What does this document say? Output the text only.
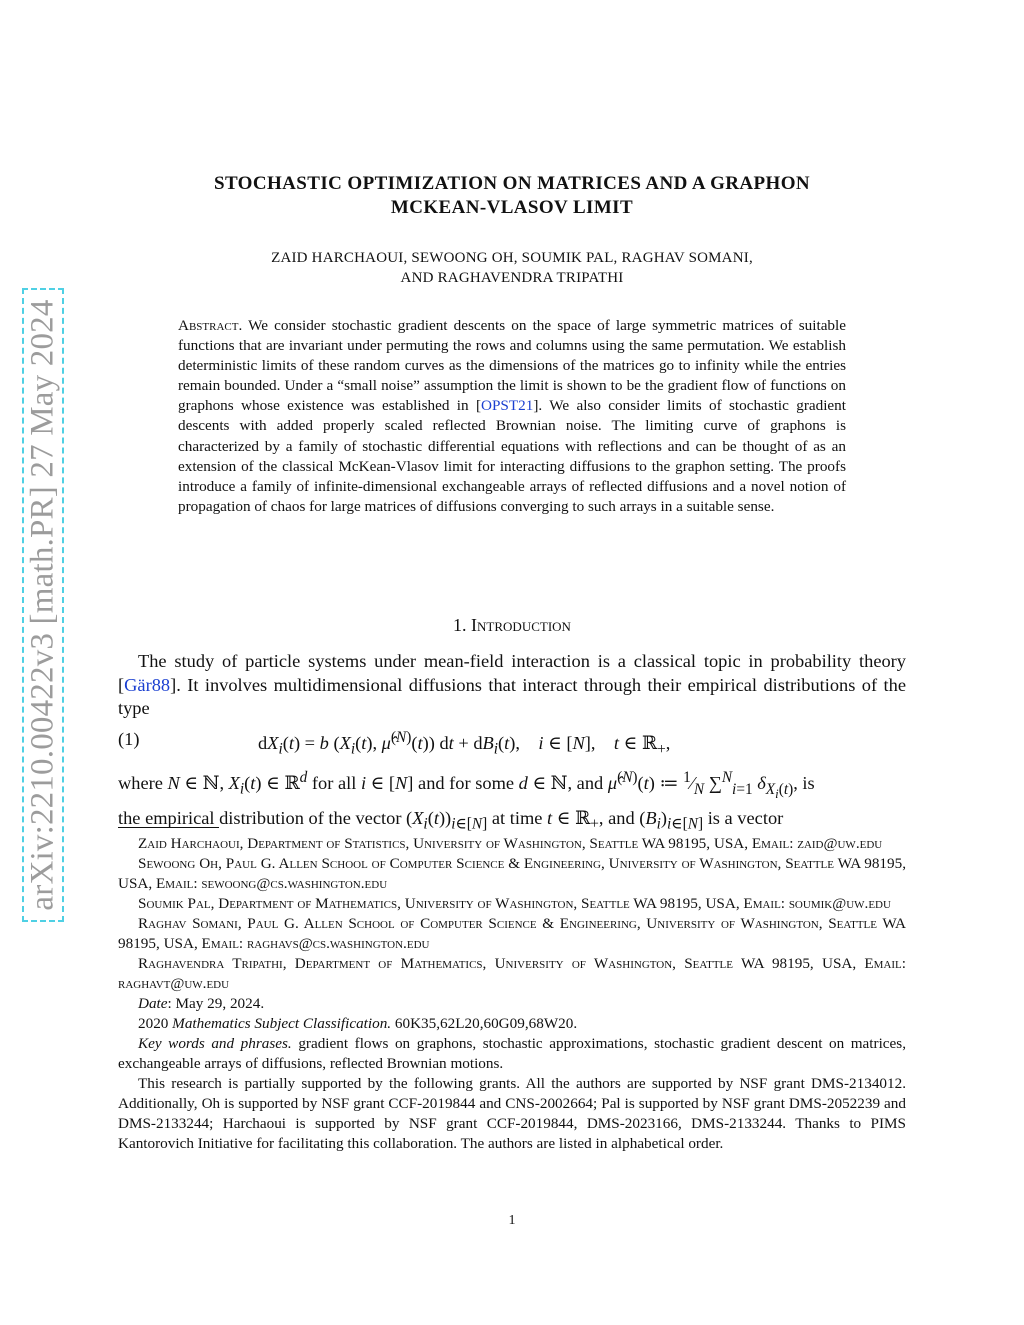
arXiv:2210.00422v3 [math.PR] 27 May 2024
STOCHASTIC OPTIMIZATION ON MATRICES AND A GRAPHON
MCKEAN-VLASOV LIMIT
ZAID HARCHAOUI, SEWOONG OH, SOUMIK PAL, RAGHAV SOMANI,
AND RAGHAVENDRA TRIPATHI
Abstract. We consider stochastic gradient descents on the space of large symmetric matrices of suitable functions that are invariant under permuting the rows and columns using the same permutation. We establish deterministic limits of these random curves as the dimensions of the matrices go to infinity while the entries remain bounded. Under a “small noise” assumption the limit is shown to be the gradient flow of functions on graphons whose existence was established in [OPST21]. We also consider limits of stochastic gradient descents with added properly scaled reflected Brownian noise. The limiting curve of graphons is characterized by a family of stochastic differential equations with reflections and can be thought of as an extension of the classical McKean-Vlasov limit for interacting diffusions to the graphon setting. The proofs introduce a family of infinite-dimensional exchangeable arrays of reflected diffusions and a novel notion of propagation of chaos for large matrices of diffusions converging to such arrays in a suitable sense.
1. Introduction

The study of particle systems under mean-field interaction is a classical topic in probability theory [Gär88]. It involves multidimensional diffusions that interact through their empirical distributions of the type

(1)	$dX_i(t) = b$ ($X_i(t)$, μ̂$^{(N)}$(t)) dt + $dB_i(t)$,    i ∈ [N],    t ∈ ℝ$_+$,
where N ∈ ℕ, $X_i(t)$ ∈ ℝ$^d$ for all i ∈ [N] and for some d ∈ ℕ, and μ̂$^{(N)}$(t) ≔ $^1⁄_N$ ∑$^N_{i=1}$ $\delta_{X_i(t)}$, is
the empirical distribution of the vector $(X_i(t))_{i\in[N]}$ at time t ∈ ℝ$_+$, and $(B_i)_{i\in[N]}$ is a vector

Zaid Harchaoui, Department of Statistics, University of Washington, Seattle WA 98195, USA, Email: zaid@uw.edu

Sewoong Oh, Paul G. Allen School of Computer Science & Engineering, University of Washington, Seattle WA 98195, USA, Email: sewoong@cs.washington.edu

Soumik Pal, Department of Mathematics, University of Washington, Seattle WA 98195, USA, Email: soumik@uw.edu

Raghav Somani, Paul G. Allen School of Computer Science & Engineering, University of Washington, Seattle WA 98195, USA, Email: raghavs@cs.washington.edu

Raghavendra Tripathi, Department of Mathematics, University of Washington, Seattle WA 98195, USA, Email: raghavt@uw.edu

Date: May 29, 2024.

2020 Mathematics Subject Classification. 60K35,62L20,60G09,68W20.

Key words and phrases. gradient flows on graphons, stochastic approximations, stochastic gradient descent on matrices, exchangeable arrays of diffusions, reflected Brownian motions.

This research is partially supported by the following grants. All the authors are supported by NSF grant DMS-2134012. Additionally, Oh is supported by NSF grant CCF-2019844 and CNS-2002664; Pal is supported by NSF grant DMS-2052239 and DMS-2133244; Harchaoui is supported by NSF grant CCF-2019844, DMS-2023166, DMS-2133244. Thanks to PIMS Kantorovich Initiative for facilitating this collaboration. The authors are listed in alphabetical order.

1
